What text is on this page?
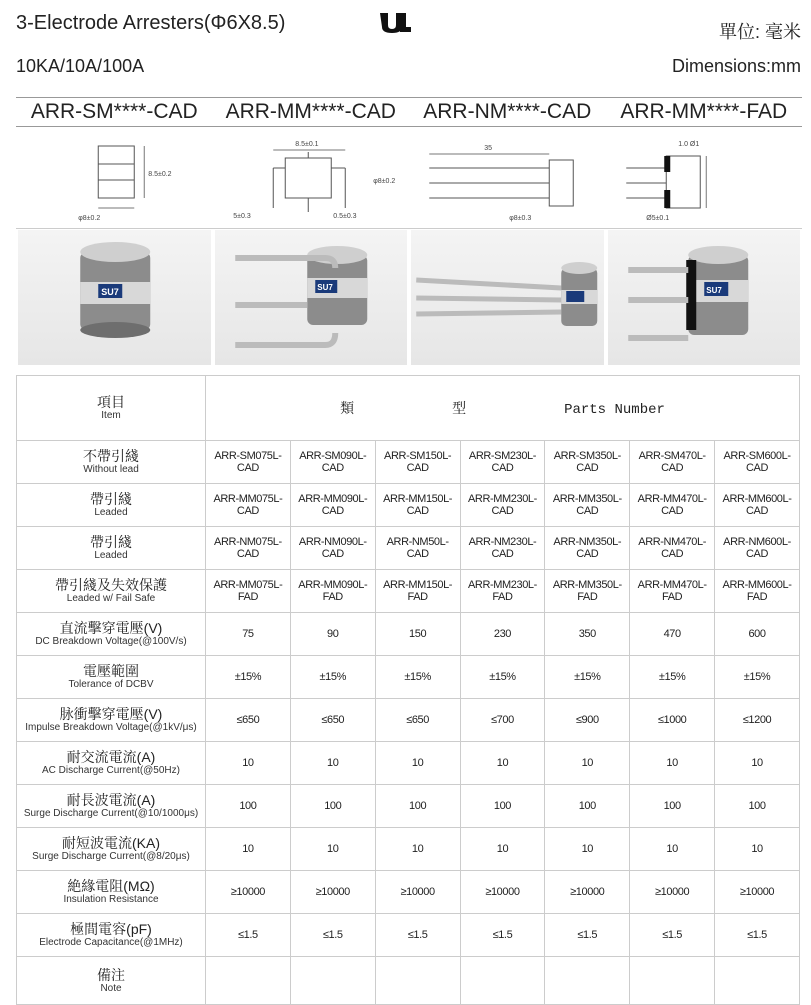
3-Electrode Arresters(Φ6X8.5)
10KA/10A/100A
單位: 毫米
Dimensions:mm
ARR-SM****-CAD	ARR-MM****-CAD	ARR-NM****-CAD	ARR-MM****-FAD
φ8±0.2
8.5±0.2
8.5±0.1
5±0.3	0.5±0.3
φ8±0.2
35
φ8±0.3
1.0 Ø1
Ø5±0.1
SU7	SU7	SU7
項目
Item	類 型 Parts Number						

不帶引綫
Without lead	ARR-SM075L-CAD	ARR-SM090L-CAD	ARR-SM150L-CAD	ARR-SM230L-CAD	ARR-SM350L-CAD	ARR-SM470L-CAD	ARR-SM600L-CAD

帶引綫
Leaded	ARR-MM075L-CAD	ARR-MM090L-CAD	ARR-MM150L-CAD	ARR-MM230L-CAD	ARR-MM350L-CAD	ARR-MM470L-CAD	ARR-MM600L-CAD

帶引綫
Leaded	ARR-NM075L-CAD	ARR-NM090L-CAD	ARR-NM50L-CAD	ARR-NM230L-CAD	ARR-NM350L-CAD	ARR-NM470L-CAD	ARR-NM600L-CAD

帶引綫及失效保護
Leaded w/ Fail Safe	ARR-MM075L-FAD	ARR-MM090L-FAD	ARR-MM150L-FAD	ARR-MM230L-FAD	ARR-MM350L-FAD	ARR-MM470L-FAD	ARR-MM600L-FAD

直流擊穿電壓(V)
DC Breakdown Voltage(@100V/s)	75	90	150	230	350	470	600

電壓範圍
Tolerance of DCBV	±15%	±15%	±15%	±15%	±15%	±15%	±15%

脉衝擊穿電壓(V)
Impulse Breakdown Voltage(@1kV/μs)	≤650	≤650	≤650	≤700	≤900	≤1000	≤1200

耐交流電流(A)
AC Discharge Current(@50Hz)	10	10	10	10	10	10	10

耐長波電流(A)
Surge Discharge Current(@10/1000μs)	100	100	100	100	100	100	100

耐短波電流(KA)
Surge Discharge Current(@8/20μs)	10	10	10	10	10	10	10

絶緣電阻(MΩ)
Insulation Resistance	≥10000	≥10000	≥10000	≥10000	≥10000	≥10000	≥10000

極間電容(pF)
Electrode Capacitance(@1MHz)	≤1.5	≤1.5	≤1.5	≤1.5	≤1.5	≤1.5	≤1.5

備注
Note							
